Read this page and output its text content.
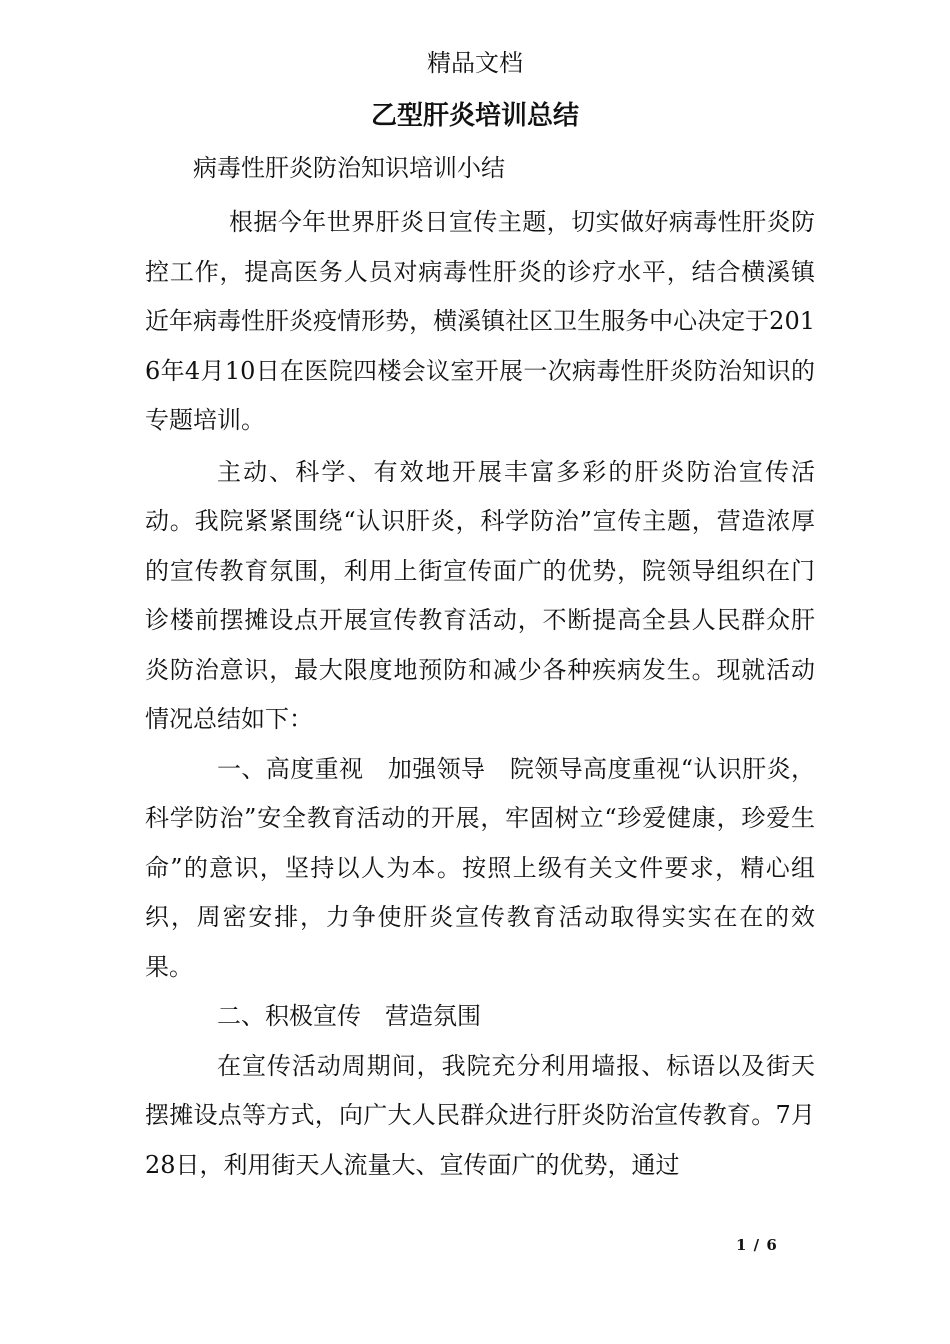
精品文档
乙型肝炎培训总结
病毒性肝炎防治知识培训小结

根据今年世界肝炎日宣传主题，切实做好病毒性肝炎防控工作，提高医务人员对病毒性肝炎的诊疗水平，结合横溪镇近年病毒性肝炎疫情形势，横溪镇社区卫生服务中心决定于2016年4月10日在医院四楼会议室开展一次病毒性肝炎防治知识的专题培训。

主动、科学、有效地开展丰富多彩的肝炎防治宣传活动。我院紧紧围绕“认识肝炎，科学防治”宣传主题，营造浓厚的宣传教育氛围，利用上街宣传面广的优势，院领导组织在门诊楼前摆摊设点开展宣传教育活动，不断提高全县人民群众肝炎防治意识，最大限度地预防和减少各种疾病发生。现就活动情况总结如下：

一、高度重视　加强领导　院领导高度重视“认识肝炎，科学防治”安全教育活动的开展，牢固树立“珍爱健康，珍爱生命”的意识，坚持以人为本。按照上级有关文件要求，精心组织，周密安排，力争使肝炎宣传教育活动取得实实在在的效果。

二、积极宣传　营造氛围

在宣传活动周期间，我院充分利用墙报、标语以及街天摆摊设点等方式，向广大人民群众进行肝炎防治宣传教育。7月28日，利用街天人流量大、宣传面广的优势，通过

1 / 6
